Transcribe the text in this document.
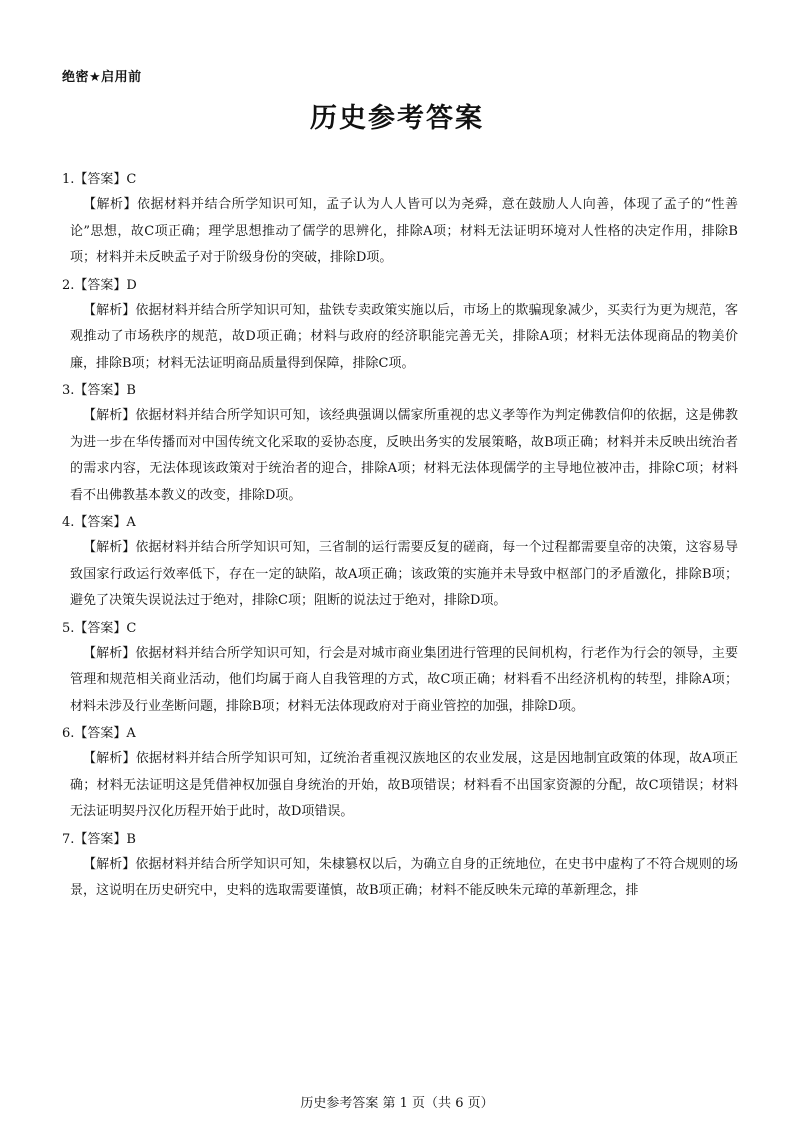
绝密★启用前
历史参考答案
1.【答案】C
【解析】依据材料并结合所学知识可知，孟子认为人人皆可以为尧舜，意在鼓励人人向善，体现了孟子的“性善论”思想，故C项正确；理学思想推动了儒学的思辨化，排除A项；材料无法证明环境对人性格的决定作用，排除B项；材料并未反映孟子对于阶级身份的突破，排除D项。
2.【答案】D
【解析】依据材料并结合所学知识可知，盐铁专卖政策实施以后，市场上的欺骗现象减少，买卖行为更为规范，客观推动了市场秩序的规范，故D项正确；材料与政府的经济职能完善无关，排除A项；材料无法体现商品的物美价廉，排除B项；材料无法证明商品质量得到保障，排除C项。
3.【答案】B
【解析】依据材料并结合所学知识可知，该经典强调以儒家所重视的忠义孝等作为判定佛教信仰的依据，这是佛教为进一步在华传播而对中国传统文化采取的妥协态度，反映出务实的发展策略，故B项正确；材料并未反映出统治者的需求内容，无法体现该政策对于统治者的迎合，排除A项；材料无法体现儒学的主导地位被冲击，排除C项；材料看不出佛教基本教义的改变，排除D项。
4.【答案】A
【解析】依据材料并结合所学知识可知，三省制的运行需要反复的磋商，每一个过程都需要皇帝的决策，这容易导致国家行政运行效率低下，存在一定的缺陷，故A项正确；该政策的实施并未导致中枢部门的矛盾激化，排除B项；避免了决策失误说法过于绝对，排除C项；阻断的说法过于绝对，排除D项。
5.【答案】C
【解析】依据材料并结合所学知识可知，行会是对城市商业集团进行管理的民间机构，行老作为行会的领导，主要管理和规范相关商业活动，他们均属于商人自我管理的方式，故C项正确；材料看不出经济机构的转型，排除A项；材料未涉及行业垄断问题，排除B项；材料无法体现政府对于商业管控的加强，排除D项。
6.【答案】A
【解析】依据材料并结合所学知识可知，辽统治者重视汉族地区的农业发展，这是因地制宜政策的体现，故A项正确；材料无法证明这是凭借神权加强自身统治的开始，故B项错误；材料看不出国家资源的分配，故C项错误；材料无法证明契丹汉化历程开始于此时，故D项错误。
7.【答案】B
【解析】依据材料并结合所学知识可知，朱棣篡权以后，为确立自身的正统地位，在史书中虚构了不符合规则的场景，这说明在历史研究中，史料的选取需要谨慎，故B项正确；材料不能反映朱元璋的革新理念，排
历史参考答案 第 1 页（共 6 页）
